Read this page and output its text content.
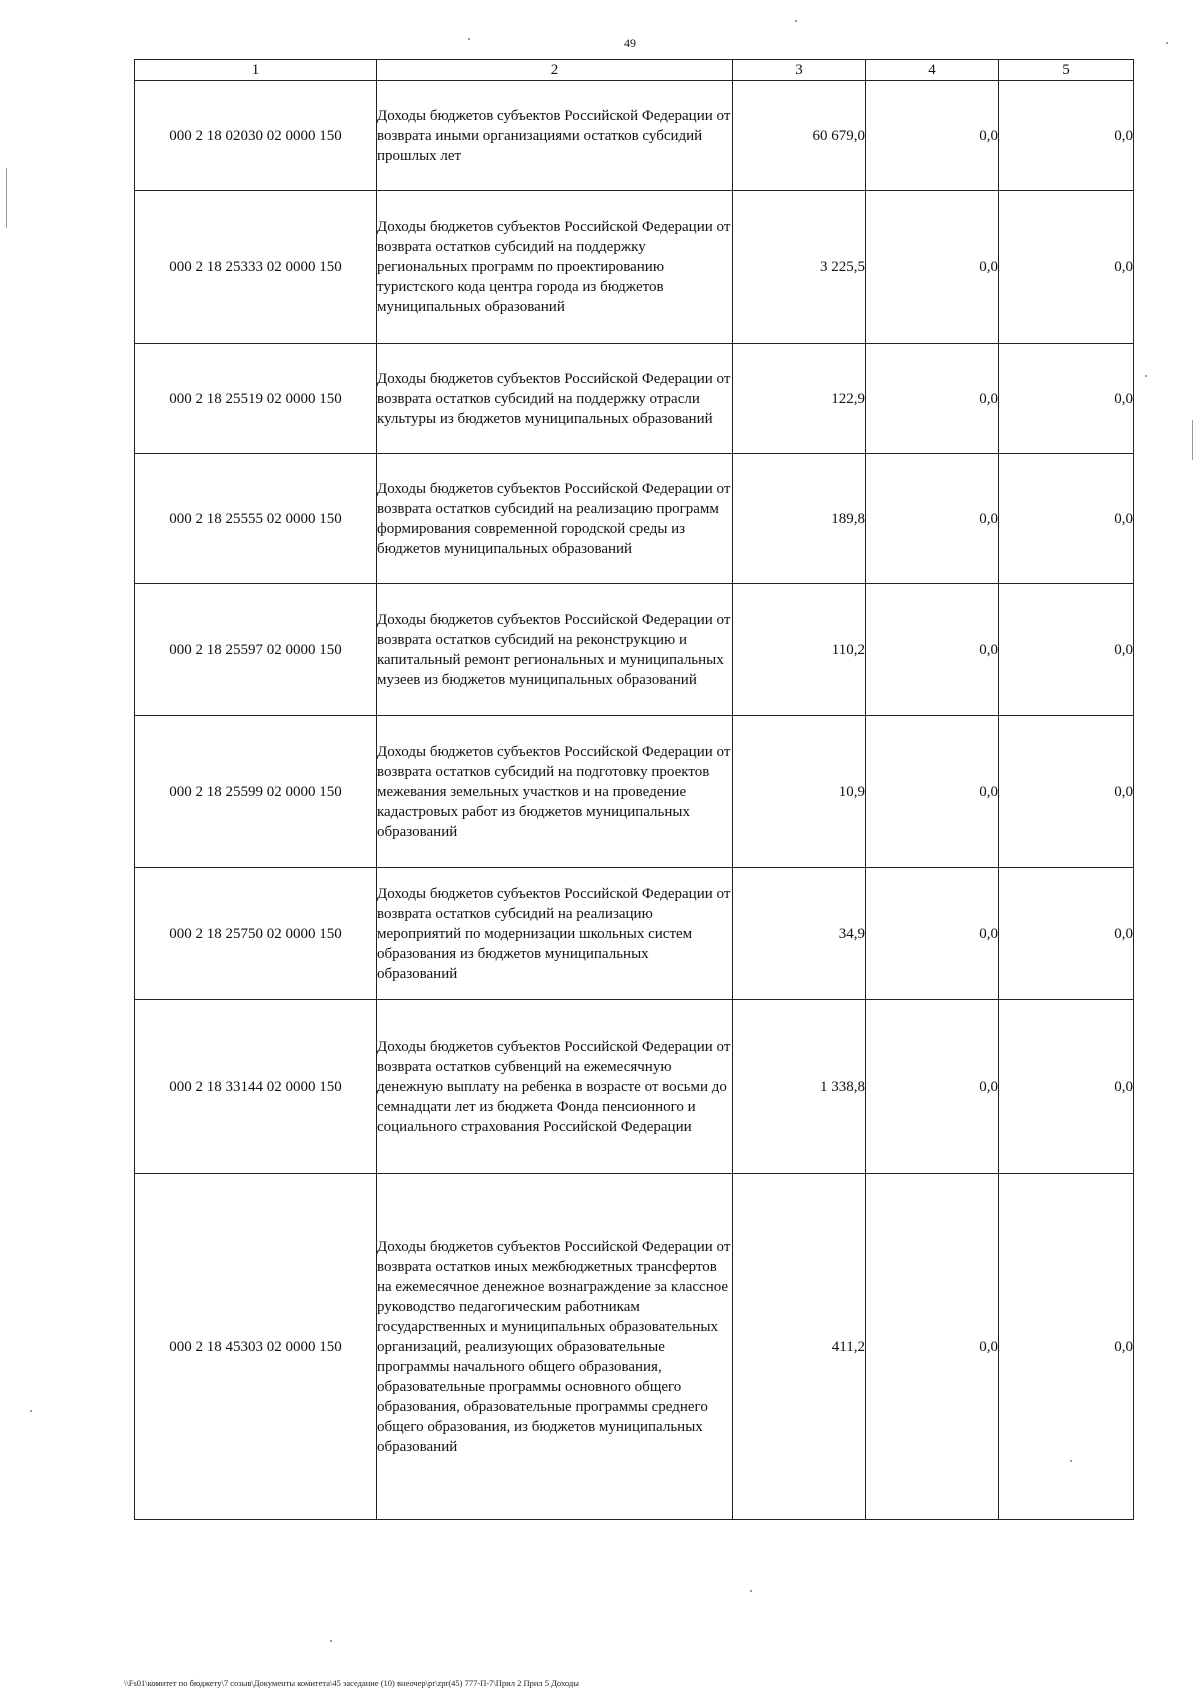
49
1	2	3	4	5
000 2 18 02030 02 0000 150	Доходы бюджетов субъектов Российской Федерации от возврата иными организациями остатков субсидий прошлых лет	60 679,0	0,0	0,0
000 2 18 25333 02 0000 150	Доходы бюджетов субъектов Российской Федерации от возврата остатков субсидий на поддержку региональных программ по проектированию туристского кода центра города из бюджетов муниципальных образований	3 225,5	0,0	0,0
000 2 18 25519 02 0000 150	Доходы бюджетов субъектов Российской Федерации от возврата остатков субсидий на поддержку отрасли культуры из бюджетов муниципальных образований	122,9	0,0	0,0
000 2 18 25555 02 0000 150	Доходы бюджетов субъектов Российской Федерации от возврата остатков субсидий на реализацию программ формирования современной городской среды из бюджетов муниципальных образований	189,8	0,0	0,0
000 2 18 25597 02 0000 150	Доходы бюджетов субъектов Российской Федерации от возврата остатков субсидий на реконструкцию и капитальный ремонт региональных и муниципальных музеев из бюджетов муниципальных образований	110,2	0,0	0,0
000 2 18 25599 02 0000 150	Доходы бюджетов субъектов Российской Федерации от возврата остатков субсидий на подготовку проектов межевания земельных участков и на проведение кадастровых работ из бюджетов муниципальных образований	10,9	0,0	0,0
000 2 18 25750 02 0000 150	Доходы бюджетов субъектов Российской Федерации от возврата остатков субсидий на реализацию мероприятий по модернизации школьных систем образования из бюджетов муниципальных образований	34,9	0,0	0,0
000 2 18 33144 02 0000 150	Доходы бюджетов субъектов Российской Федерации от возврата остатков субвенций на ежемесячную денежную выплату на ребенка в возрасте от восьми до семнадцати лет из бюджета Фонда пенсионного и социального страхования Российской Федерации	1 338,8	0,0	0,0
000 2 18 45303 02 0000 150	Доходы бюджетов субъектов Российской Федерации от возврата остатков иных межбюджетных трансфертов на ежемесячное денежное вознаграждение за классное руководство педагогическим работникам государственных и муниципальных образовательных организаций, реализующих образовательные программы начального общего образования, образовательные программы основного общего образования, образовательные программы среднего общего образования, из бюджетов муниципальных образований	411,2	0,0	0,0
\\Fs01\комитет по бюджету\7 созыв\Документы комитета\45 заседание (10) внеочер\pr\zpr(45) 777-П-7\Прил 2 Прил 5 Доходы
